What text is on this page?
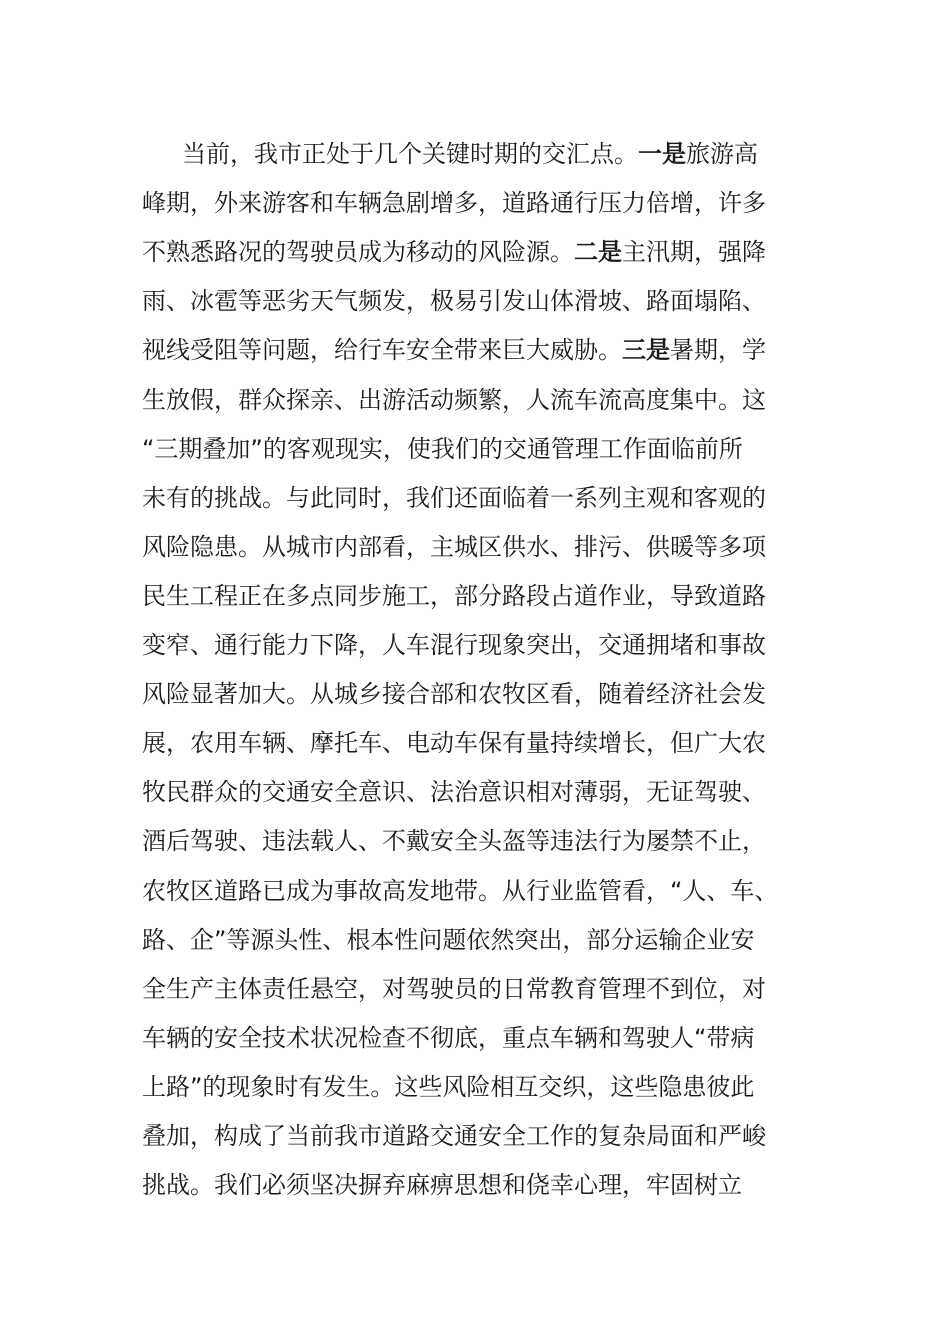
当前，我市正处于几个关键时期的交汇点。一是旅游高
峰期，外来游客和车辆急剧增多，道路通行压力倍增，许多
不熟悉路况的驾驶员成为移动的风险源。二是主汛期，强降
雨、冰雹等恶劣天气频发，极易引发山体滑坡、路面塌陷、
视线受阻等问题，给行车安全带来巨大威胁。三是暑期，学
生放假，群众探亲、出游活动频繁，人流车流高度集中。这
“三期叠加”的客观现实，使我们的交通管理工作面临前所
未有的挑战。与此同时，我们还面临着一系列主观和客观的
风险隐患。从城市内部看，主城区供水、排污、供暖等多项
民生工程正在多点同步施工，部分路段占道作业，导致道路
变窄、通行能力下降，人车混行现象突出，交通拥堵和事故
风险显著加大。从城乡接合部和农牧区看，随着经济社会发
展，农用车辆、摩托车、电动车保有量持续增长，但广大农
牧民群众的交通安全意识、法治意识相对薄弱，无证驾驶、
酒后驾驶、违法载人、不戴安全头盔等违法行为屡禁不止，
农牧区道路已成为事故高发地带。从行业监管看，“人、车、
路、企”等源头性、根本性问题依然突出，部分运输企业安
全生产主体责任悬空，对驾驶员的日常教育管理不到位，对
车辆的安全技术状况检查不彻底，重点车辆和驾驶人“带病
上路”的现象时有发生。这些风险相互交织，这些隐患彼此
叠加，构成了当前我市道路交通安全工作的复杂局面和严峻
挑战。我们必须坚决摒弃麻痹思想和侥幸心理，牢固树立
